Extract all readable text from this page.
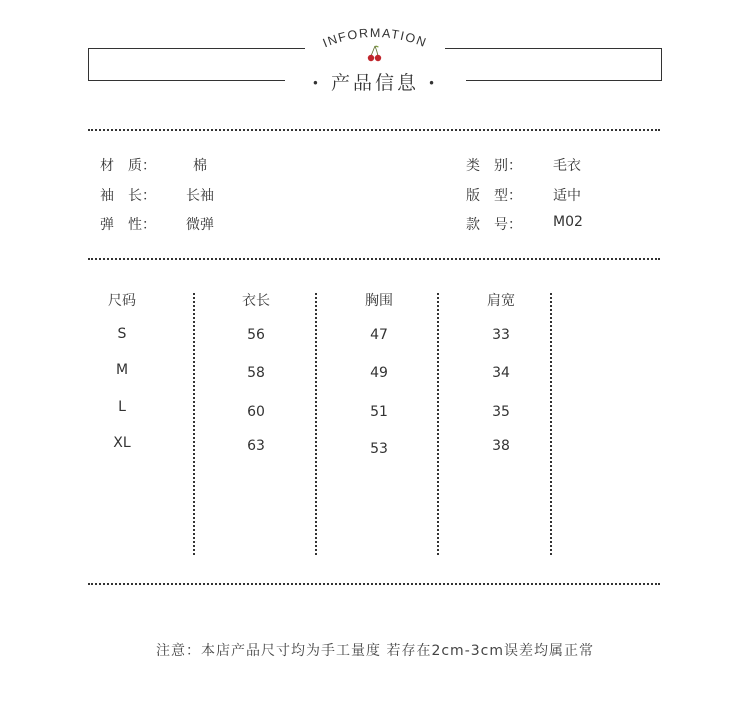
INFORMATION
• 产品信息 •
材　质：	棉
袖　长： 长袖
弹　性： 微弹
类　别： 毛衣
版　型： 适中
款　号： M02
尺码	衣长	胸围	肩宽
S	56	47	33
M	58	49	34
L	60	51	35
XL	63	53	38
注意：本店产品尺寸均为手工量度 若存在2cm-3cm误差均属正常
